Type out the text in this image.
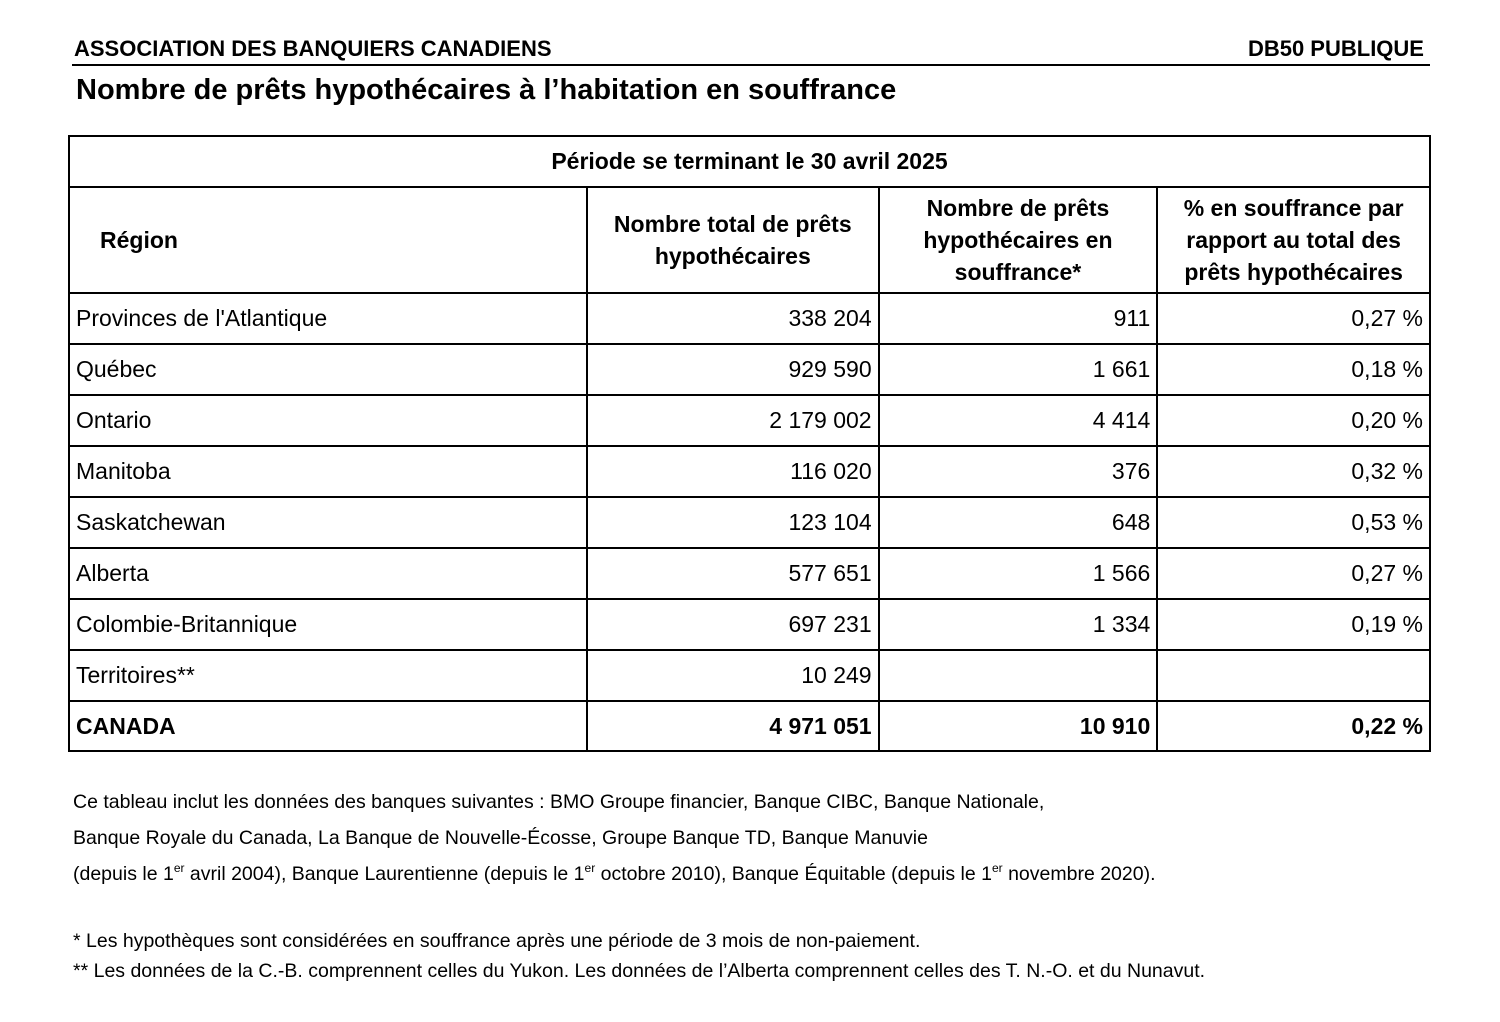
ASSOCIATION DES BANQUIERS CANADIENS	DB50 PUBLIQUE
Nombre de prêts hypothécaires à l’habitation en souffrance
Période se terminant le 30 avril 2025			
Région	Nombre total de prêts hypothécaires	Nombre de prêts hypothécaires en souffrance*	% en souffrance par rapport au total des prêts hypothécaires
Provinces de l'Atlantique	338 204	911	0,27 %
Québec	929 590	1 661	0,18 %
Ontario	2 179 002	4 414	0,20 %
Manitoba	116 020	376	0,32 %
Saskatchewan	123 104	648	0,53 %
Alberta	577 651	1 566	0,27 %
Colombie-Britannique	697 231	1 334	0,19 %
Territoires**	10 249		
CANADA	4 971 051	10 910	0,22 %

Ce tableau inclut les données des banques suivantes : BMO Groupe financier, Banque CIBC, Banque Nationale,

Banque Royale du Canada, La Banque de Nouvelle-Écosse, Groupe Banque TD, Banque Manuvie

(depuis le 1er avril 2004), Banque Laurentienne (depuis le 1er octobre 2010), Banque Équitable (depuis le 1er novembre 2020).

* Les hypothèques sont considérées en souffrance après une période de 3 mois de non-paiement.

** Les données de la C.-B. comprennent celles du Yukon. Les données de l’Alberta comprennent celles des T. N.-O. et du Nunavut.
